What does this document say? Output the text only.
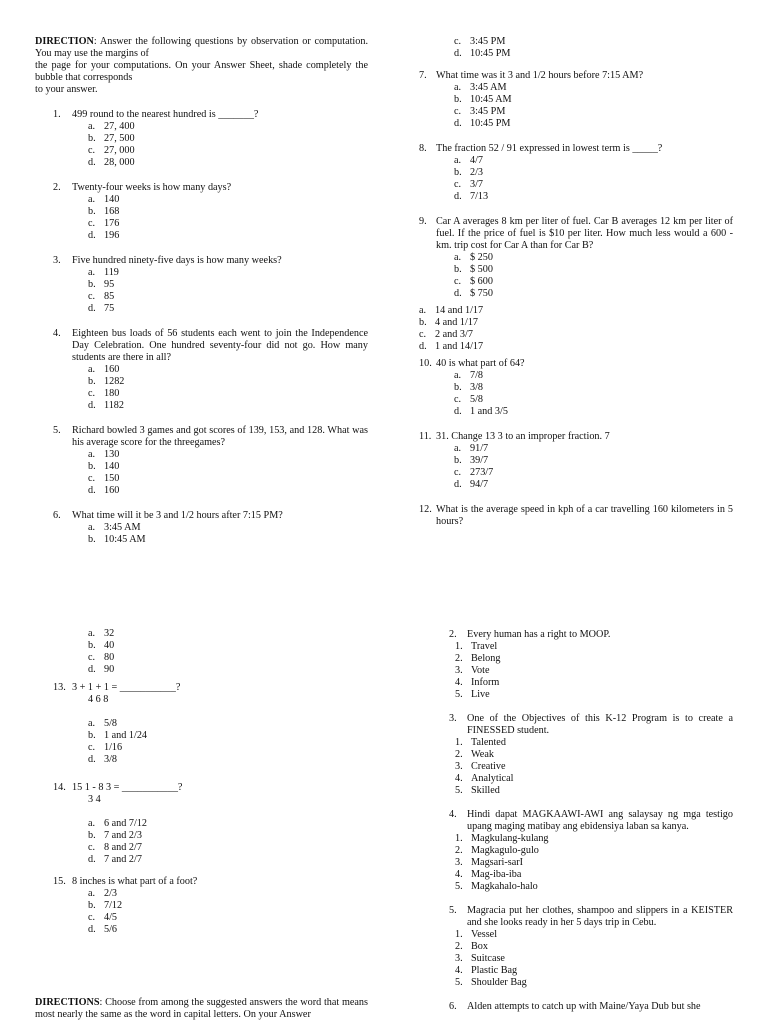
DIRECTION: Answer the following questions by observation or computation. You may use the margins of
the page for your computations. On your Answer Sheet, shade completely the bubble that corresponds
to your answer.
1. 499 round to the nearest hundred is _______?
a. 27, 400
b. 27, 500
c. 27, 000
d. 28, 000
2. Twenty-four weeks is how many days?
a. 140
b. 168
c. 176
d. 196
3. Five hundred ninety-five days is how many weeks?
a. 119
b. 95
c. 85
d. 75
4. Eighteen bus loads of 56 students each went to join the Independence Day Celebration. One hundred seventy-four did not go. How many students are there in all?
a. 160
b. 1282
c. 180
d. 1182
5. Richard bowled 3 games and got scores of 139, 153, and 128. What was his average score for the threegames?
a. 130
b. 140
c. 150
d. 160
6. What time will it be 3 and 1/2 hours after 7:15 PM?
a. 3:45 AM
b. 10:45 AM
c. 3:45 PM
d. 10:45 PM
7. What time was it 3 and 1/2 hours before 7:15 AM?
a. 3:45 AM
b. 10:45 AM
c. 3:45 PM
d. 10:45 PM
8. The fraction 52 / 91 expressed in lowest term is _____?
a. 4/7
b. 2/3
c. 3/7
d. 7/13
9. Car A averages 8 km per liter of fuel. Car B averages 12 km per liter of fuel. If the price of fuel is $10 per liter. How much less would a 600 - km. trip cost for Car A than for Car B?
a. $ 250
b. $ 500
c. $ 600
d. $ 750
a. 14 and 1/17
b. 4 and 1/17
c. 2 and 3/7
d. 1 and 14/17
10. 40 is what part of 64?
a. 7/8
b. 3/8
c. 5/8
d. 1 and 3/5
11. 31. Change 13 3 to an improper fraction. 7
a. 91/7
b. 39/7
c. 273/7
d. 94/7
12. What is the average speed in kph of a car travelling 160 kilometers in 5 hours?
a. 32
b. 40
c. 80
d. 90
13. 3 + 1 + 1 = ___________?
4 6 8
a. 5/8
b. 1 and 1/24
c. 1/16
d. 3/8
14. 15 1 - 8 3 = ___________?
3 4
a. 6 and 7/12
b. 7 and 2/3
c. 8 and 2/7
d. 7 and 2/7
15. 8 inches is what part of a foot?
a. 2/3
b. 7/12
c. 4/5
d. 5/6
DIRECTIONS: Choose from among the suggested answers the word that means most nearly the same as the word in capital letters. On your Answer
2. Every human has a right to MOOP.
1. Travel
2. Belong
3. Vote
4. Inform
5. Live
3. One of the Objectives of this K-12 Program is to create a FINESSED student.
1. Talented
2. Weak
3. Creative
4. Analytical
5. Skilled
4. Hindi dapat MAGKAAWI-AWI ang salaysay ng mga testigo upang maging matibay ang ebidensiya laban sa kanya.
1. Magkulang-kulang
2. Magkagulo-gulo
3. Magsari-sarI
4. Mag-iba-iba
5. Magkahalo-halo
5. Magracia put her clothes, shampoo and slippers in a KEISTER and she looks ready in her 5 days trip in Cebu.
1. Vessel
2. Box
3. Suitcase
4. Plastic Bag
5. Shoulder Bag
6. Alden attempts to catch up with Maine/Yaya Dub but she
